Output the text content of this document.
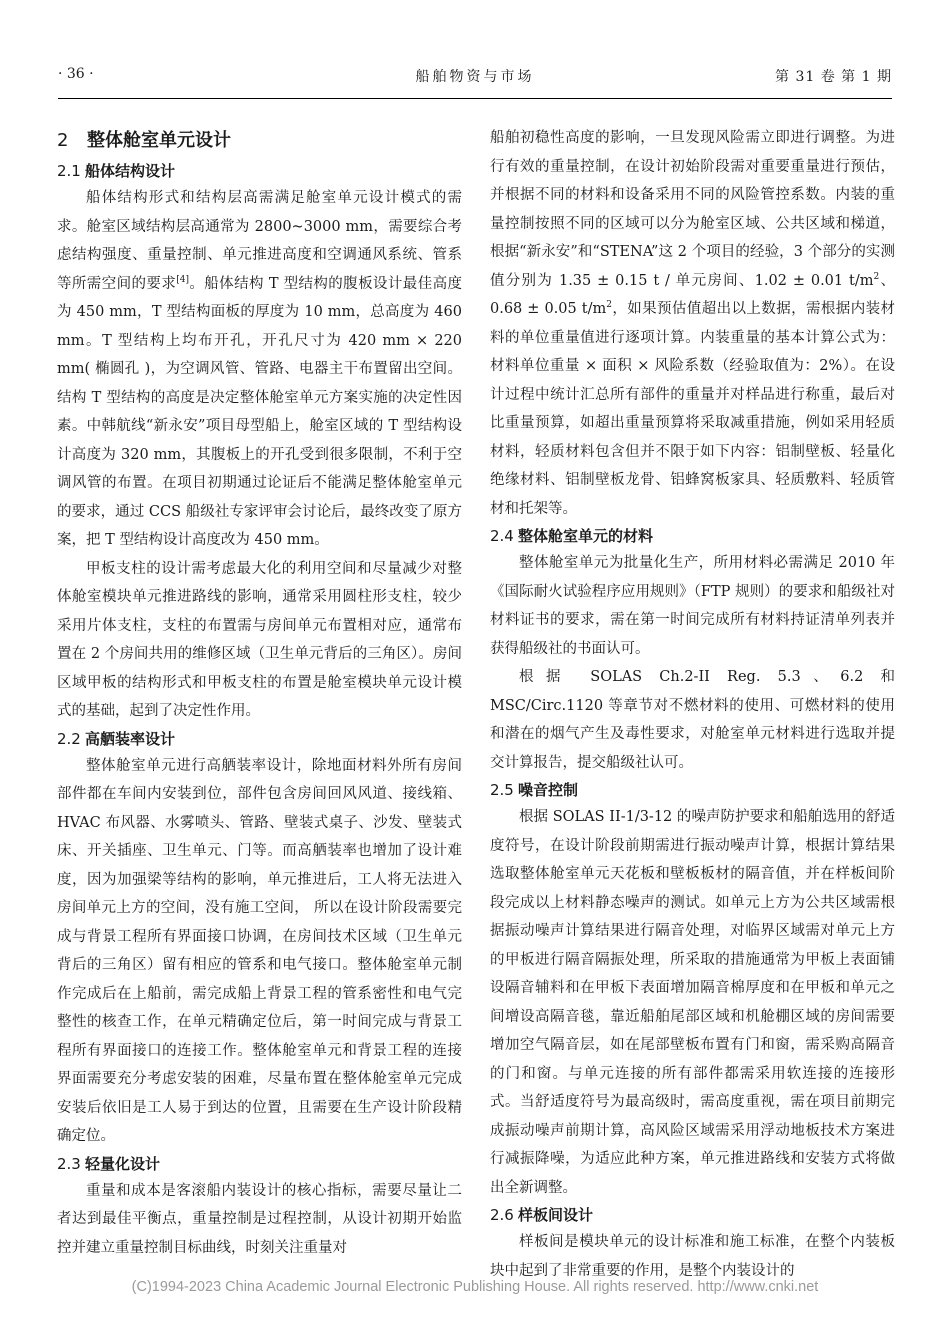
· 36 ·	船舶物资与市场	第 31 卷 第 1 期
2 整体舱室单元设计
2.1 船体结构设计

船体结构形式和结构层高需满足舱室单元设计模式的需求。舱室区域结构层高通常为 2800~3000 mm，需要综合考虑结构强度、重量控制、单元推进高度和空调通风系统、管系等所需空间的要求[4]。船体结构 T 型结构的腹板设计最佳高度为 450 mm，T 型结构面板的厚度为 10 mm，总高度为 460 mm。T 型结构上均布开孔，开孔尺寸为 420 mm × 220 mm( 椭圆孔 )，为空调风管、管路、电器主干布置留出空间。结构 T 型结构的高度是决定整体舱室单元方案实施的决定性因素。中韩航线“新永安”项目母型船上，舱室区域的 T 型结构设计高度为 320 mm，其腹板上的开孔受到很多限制，不利于空调风管的布置。在项目初期通过论证后不能满足整体舱室单元的要求，通过 CCS 船级社专家评审会讨论后，最终改变了原方案，把 T 型结构设计高度改为 450 mm。

甲板支柱的设计需考虑最大化的利用空间和尽量减少对整体舱室模块单元推进路线的影响，通常采用圆柱形支柱，较少采用片体支柱，支柱的布置需与房间单元布置相对应，通常布置在 2 个房间共用的维修区域（卫生单元背后的三角区）。房间区域甲板的结构形式和甲板支柱的布置是舱室模块单元设计模式的基础，起到了决定性作用。

2.2 高舾装率设计

整体舱室单元进行高舾装率设计，除地面材料外所有房间部件都在车间内安装到位，部件包含房间回风风道、接线箱、HVAC 布风器、水雾喷头、管路、壁装式桌子、沙发、壁装式床、开关插座、卫生单元、门等。而高舾装率也增加了设计难度，因为加强梁等结构的影响，单元推进后，工人将无法进入房间单元上方的空间，没有施工空间， 所以在设计阶段需要完成与背景工程所有界面接口协调，在房间技术区域（卫生单元背后的三角区）留有相应的管系和电气接口。整体舱室单元制作完成后在上船前，需完成船上背景工程的管系密性和电气完整性的核查工作，在单元精确定位后，第一时间完成与背景工程所有界面接口的连接工作。整体舱室单元和背景工程的连接界面需要充分考虑安装的困难，尽量布置在整体舱室单元完成安装后依旧是工人易于到达的位置，且需要在生产设计阶段精确定位。

2.3 轻量化设计

重量和成本是客滚船内装设计的核心指标，需要尽量让二者达到最佳平衡点，重量控制是过程控制，从设计初期开始监控并建立重量控制目标曲线，时刻关注重量对

船舶初稳性高度的影响，一旦发现风险需立即进行调整。为进行有效的重量控制，在设计初始阶段需对重要重量进行预估，并根据不同的材料和设备采用不同的风险管控系数。内装的重量控制按照不同的区域可以分为舱室区域、公共区域和梯道，根据“新永安”和“STENA”这 2 个项目的经验，3 个部分的实测值分别为 1.35 ± 0.15 t / 单元房间、1.02 ± 0.01 $t/m^2$、0.68 ± 0.05 $t/m^2$，如果预估值超出以上数据，需根据内装材料的单位重量值进行逐项计算。内装重量的基本计算公式为：材料单位重量 × 面积 × 风险系数（经验取值为：2%）。在设计过程中统计汇总所有部件的重量并对样品进行称重，最后对比重量预算，如超出重量预算将采取减重措施，例如采用轻质材料，轻质材料包含但并不限于如下内容：铝制壁板、轻量化绝缘材料、铝制壁板龙骨、铝蜂窝板家具、轻质敷料、轻质管材和托架等。

2.4 整体舱室单元的材料

整体舱室单元为批量化生产，所用材料必需满足 2010 年《国际耐火试验程序应用规则》（FTP 规则）的要求和船级社对材料证书的要求，需在第一时间完成所有材料持证清单列表并获得船级社的书面认可。

根据 SOLAS Ch.2-II Reg. 5.3、6.2 和 MSC/Circ.1120 等章节对不燃材料的使用、可燃材料的使用和潜在的烟气产生及毒性要求，对舱室单元材料进行选取并提交计算报告，提交船级社认可。

2.5 噪音控制

根据 SOLAS II-1/3-12 的噪声防护要求和船舶选用的舒适度符号，在设计阶段前期需进行振动噪声计算，根据计算结果选取整体舱室单元天花板和壁板板材的隔音值，并在样板间阶段完成以上材料静态噪声的测试。如单元上方为公共区域需根据振动噪声计算结果进行隔音处理，对临界区域需对单元上方的甲板进行隔音隔振处理，所采取的措施通常为甲板上表面铺设隔音辅料和在甲板下表面增加隔音棉厚度和在甲板和单元之间增设高隔音毯，靠近船舶尾部区域和机舱棚区域的房间需要增加空气隔音层，如在尾部壁板布置有门和窗，需采购高隔音的门和窗。与单元连接的所有部件都需采用软连接的连接形式。当舒适度符号为最高级时，需高度重视，需在项目前期完成振动噪声前期计算，高风险区域需采用浮动地板技术方案进行减振降噪，为适应此种方案，单元推进路线和安装方式将做出全新调整。

2.6 样板间设计

样板间是模块单元的设计标准和施工标准，在整个内装板块中起到了非常重要的作用，是整个内装设计的

(C)1994-2023 China Academic Journal Electronic Publishing House. All rights reserved. http://www.cnki.net
